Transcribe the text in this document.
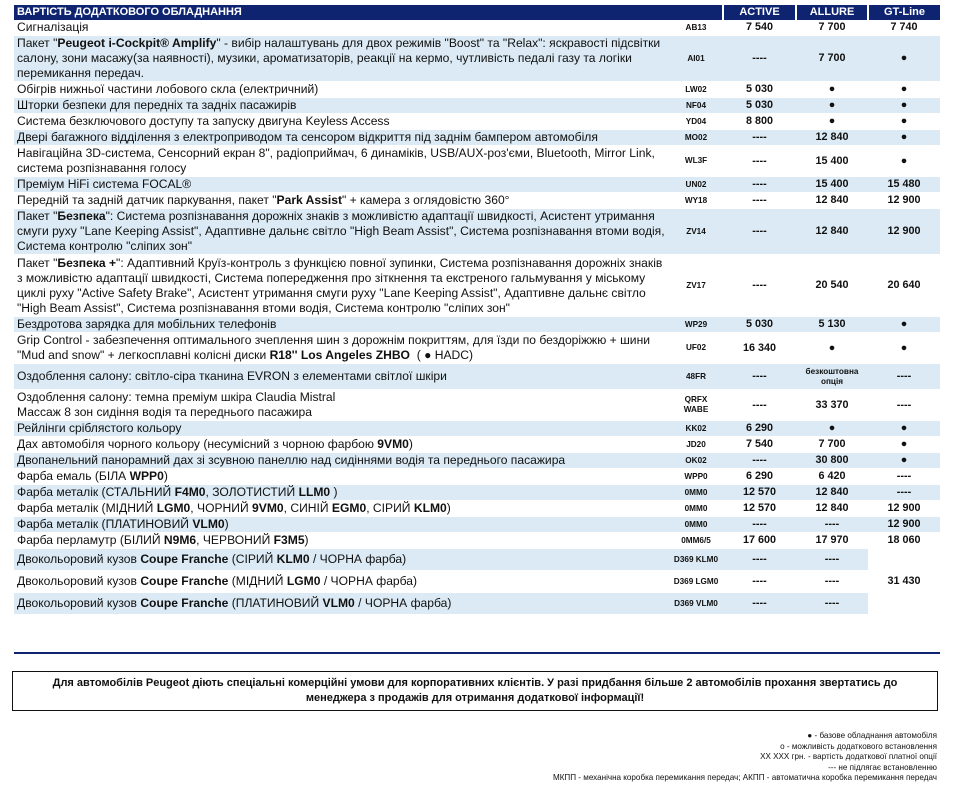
ВАРТІСТЬ ДОДАТКОВОГО ОБЛАДНАННЯ		ACTIVE	ALLURE	GT-Line
Сигналізація	AB13	7 540	7 700	7 740
Пакет "Peugeot i-Cockpit® Amplify" - вибір налаштувань для двох режимів "Boost" та "Relax": яскравості підсвітки салону, зони масажу(за наявності), музики, ароматизаторів, реакції на кермо, чутливість педалі газу та логіки перемикання передач.	AI01	----	7 700	●
Обігрів нижньої частини лобового скла (електричний)	LW02	5 030	●	●
Шторки безпеки для передніх та задніх пасажирів	NF04	5 030	●	●
Система безключового доступу та запуску двигуна Keyless Access	YD04	8 800	●	●
Двері багажного відділення з електроприводом та сенсором відкриття під заднім бампером автомобіля	MO02	----	12 840	●
Навігаційна 3D-система, Сенсорний екран 8", радіоприймач, 6 динаміків, USB/AUX-роз'єми, Bluetooth, Mirror Link, система розпізнавання голосу	WL3F	----	15 400	●
Преміум HiFi система FOCAL®	UN02	----	15 400	15 480
Передній та задній датчик паркування, пакет "Park Assist" + камера з оглядовістю 360°	WY18	----	12 840	12 900
Пакет "Безпека": Система розпізнавання дорожніх знаків з можливістю адаптації швидкості, Асистент утримання смуги руху "Lane Keeping Assist", Адаптивне дальнє світло "High Beam Assist", Система розпізнавання втоми водія, Система контролю "сліпих зон"	ZV14	----	12 840	12 900
Пакет "Безпека +": Адаптивний Круїз-контроль з функцією повної зупинки, Система розпізнавання дорожніх знаків з можливістю адаптації швидкості, Система попередження про зіткнення та екстреного гальмування у міському циклі руху "Active Safety Brake", Асистент утримання смуги руху "Lane Keeping Assist", Адаптивне дальнє світло "High Beam Assist", Система розпізнавання втоми водія, Система контролю "сліпих зон"	ZV17	----	20 540	20 640
Бездротова зарядка для мобільних телефонів	WP29	5 030	5 130	●
Grip Control - забезпечення оптимального зчеплення шин з дорожнім покриттям, для їзди по бездоріжжю + шини "Mud and snow" + легкосплавні колісні диски R18'' Los Angeles ZHBO  ( ● HADC)	UF02	16 340	●	●
Оздоблення салону: світло-сіра тканина EVRON з елементами світлої шкіри	48FR	----	безкоштовна опція	----
Оздоблення салону: темна преміум шкіра Claudia Mistral
Массаж 8 зон сидіння водія та переднього пасажира	QRFX WABE	----	33 370	----
Рейлінги сріблястого кольору	KK02	6 290	●	●
Дах автомобіля чорного кольору (несумісний з чорною фарбою 9VM0)	JD20	7 540	7 700	●
Двопанельний панорамний дах зі зсувною панеллю над сидіннями водія та переднього пасажира	OK02	----	30 800	●
Фарба емаль (БІЛА WPP0)	WPP0	6 290	6 420	----
Фарба металік (СТАЛЬНИЙ F4M0, ЗОЛОТИСТИЙ LLM0 )	0MM0	12 570	12 840	----
Фарба металік (МІДНИЙ LGM0, ЧОРНИЙ 9VM0, СИНІЙ EGM0, СІРИЙ KLM0)	0MM0	12 570	12 840	12 900
Фарба металік (ПЛАТИНОВИЙ VLM0)	0MM0	----	----	12 900
Фарба перламутр (БІЛИЙ N9M6, ЧЕРВОНИЙ F3M5)	0MM6/5	17 600	17 970	18 060
Двокольоровий кузов Coupe Franche (СІРИЙ KLM0 / ЧОРНА фарба)	D369 KLM0	----	----	31 430
Двокольоровий кузов Coupe Franche (МІДНИЙ LGM0 / ЧОРНА фарба)	D369 LGM0	----	----	
Двокольоровий кузов Coupe Franche (ПЛАТИНОВИЙ VLM0 / ЧОРНА фарба)	D369 VLM0	----	----	
Для автомобілів Peugeot діють спеціальні комерційні умови для корпоративних клієнтів. У разі придбання більше 2 автомобілів прохання звертатись до
менеджера з продажів для отримання додаткової інформації!
● - базове обладнання автомобіля
о - можливість додаткового встановлення
ХХ ХХХ грн. - вартість додаткової платної опції
--- не підлягає встановленню
МКПП - механічна коробка перемикання передач; АКПП - автоматична коробка перемикання передач
